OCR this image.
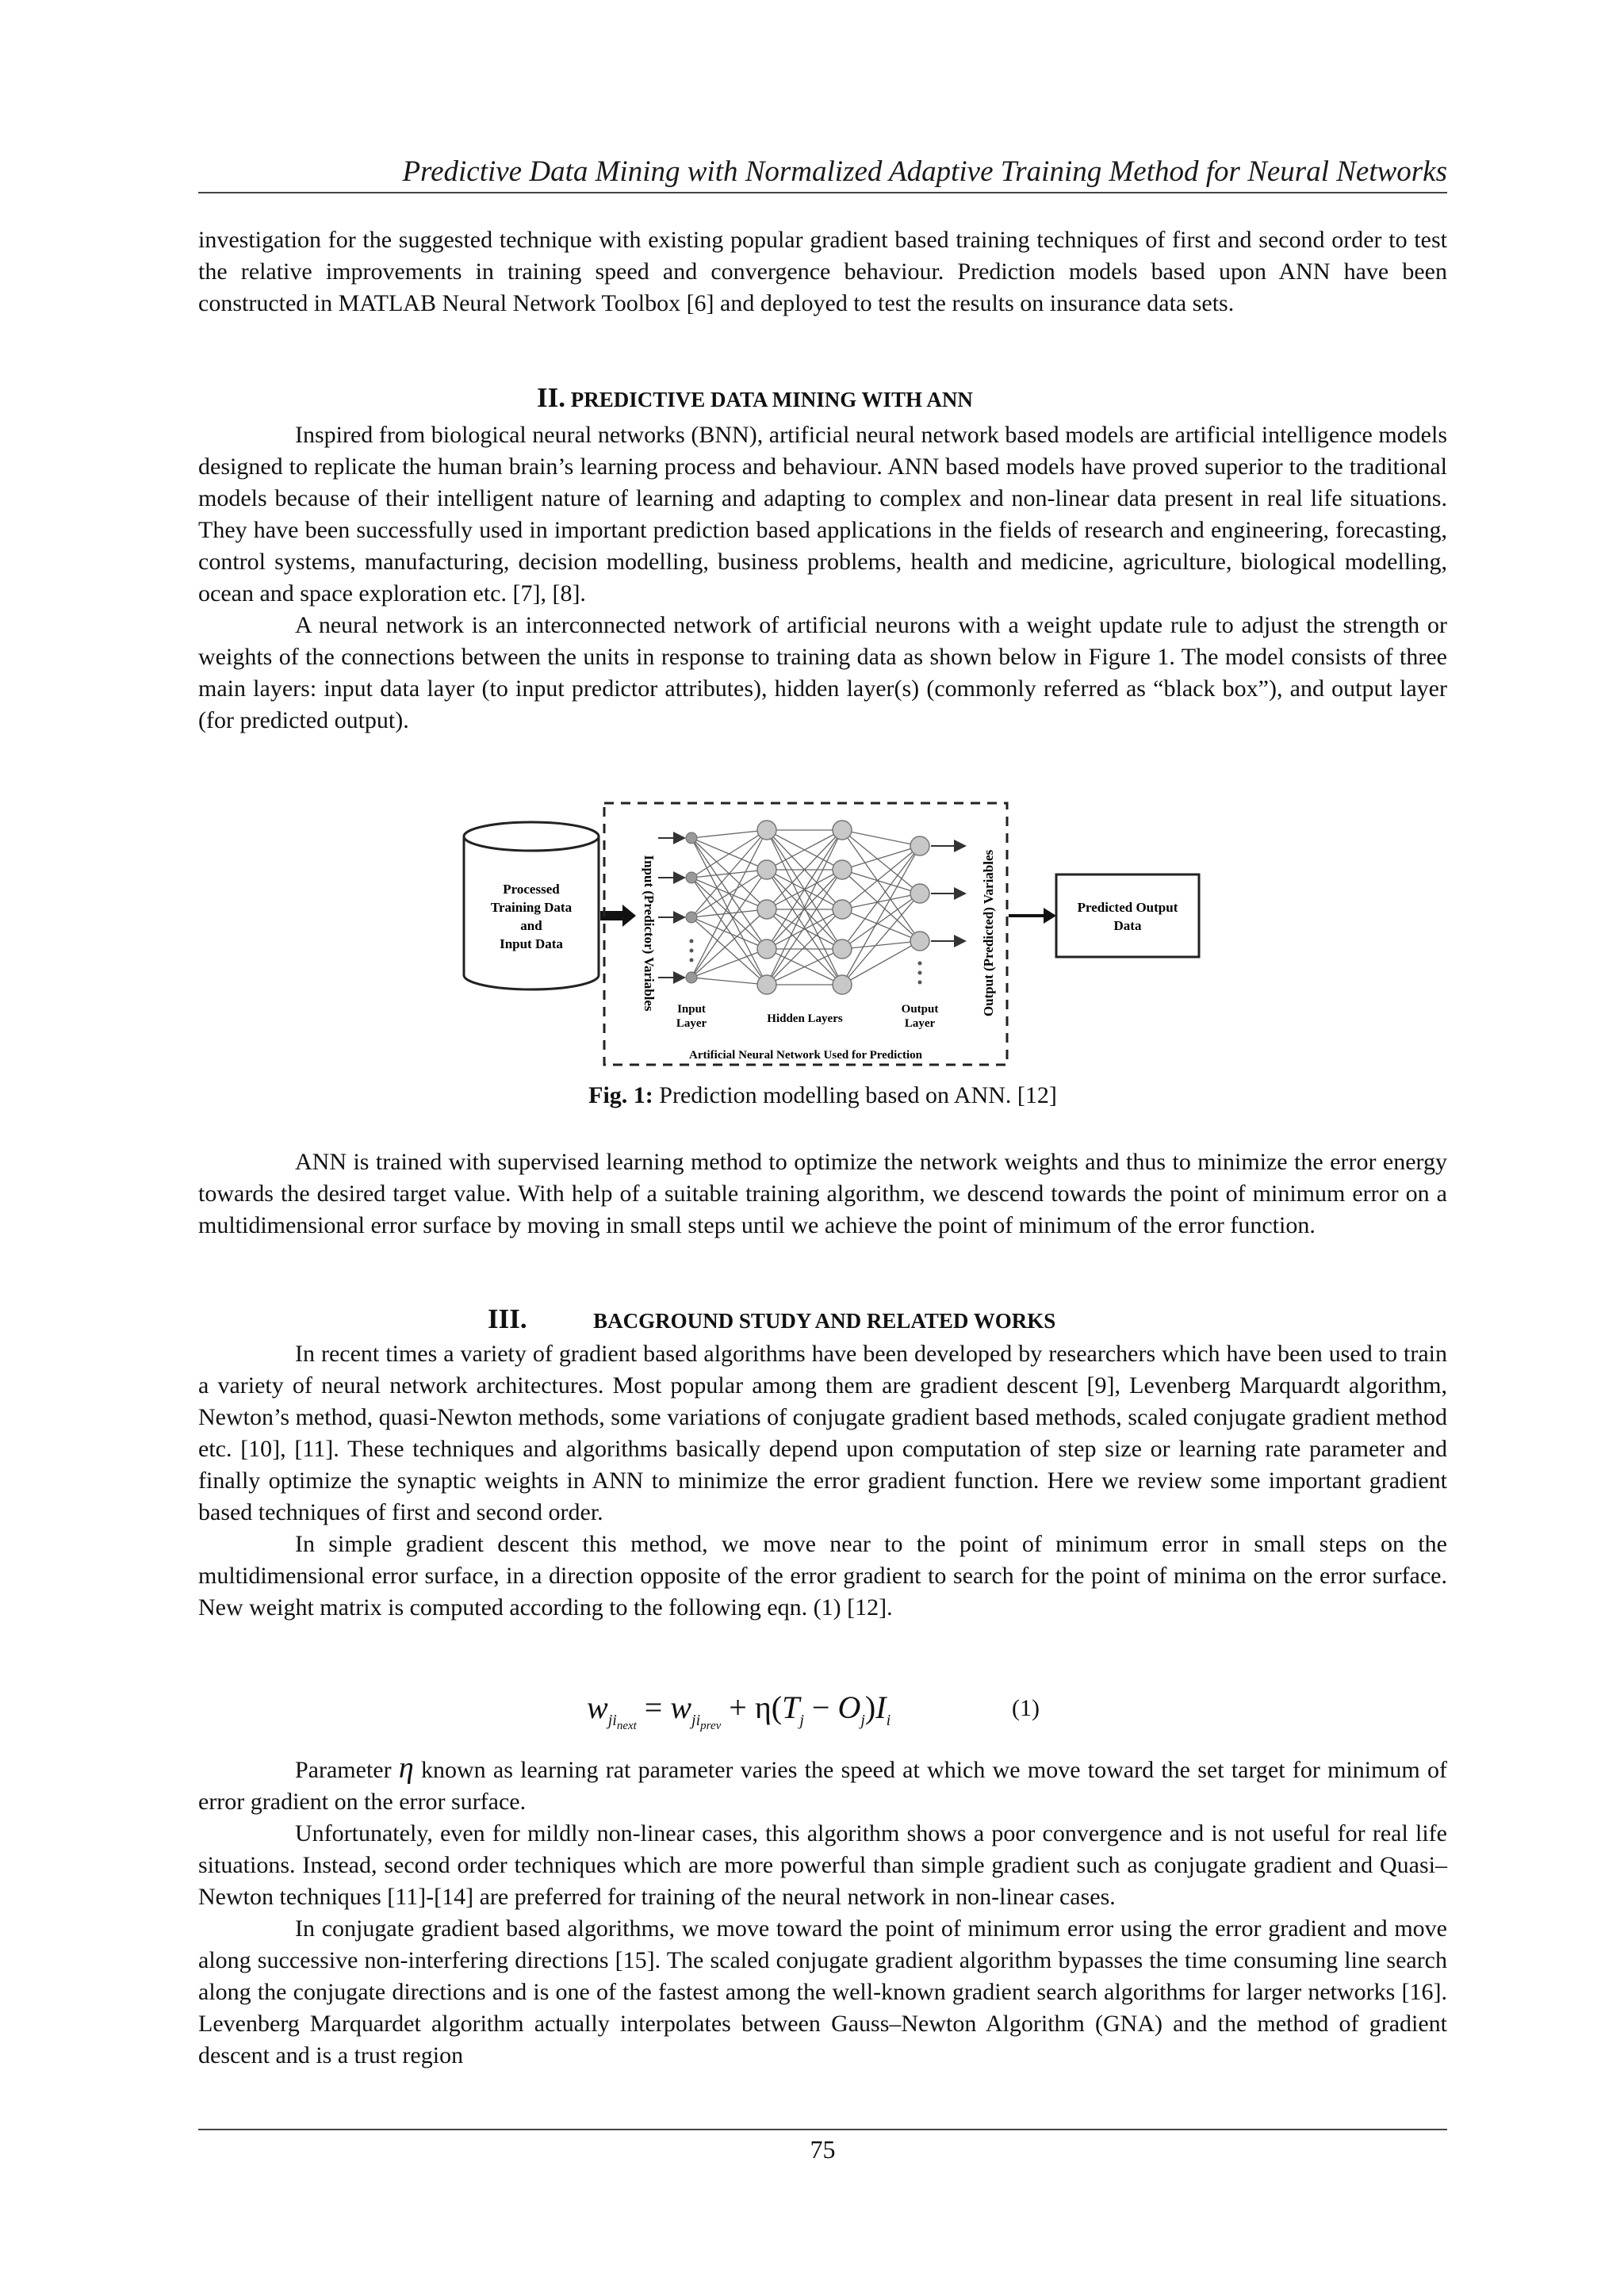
Predictive Data Mining with Normalized Adaptive Training Method for Neural Networks

investigation for the suggested technique with existing popular gradient based training techniques of first and second order to test the relative improvements in training speed and convergence behaviour. Prediction models based upon ANN have been constructed in MATLAB Neural Network Toolbox [6] and deployed to test the results on insurance data sets.

II. PREDICTIVE DATA MINING WITH ANN

Inspired from biological neural networks (BNN), artificial neural network based models are artificial intelligence models designed to replicate the human brain’s learning process and behaviour. ANN based models have proved superior to the traditional models because of their intelligent nature of learning and adapting to complex and non-linear data present in real life situations. They have been successfully used in important prediction based applications in the fields of research and engineering, forecasting, control systems, manufacturing, decision modelling, business problems, health and medicine, agriculture, biological modelling, ocean and space exploration etc. [7], [8].

A neural network is an interconnected network of artificial neurons with a weight update rule to adjust the strength or weights of the connections between the units in response to training data as shown below in Figure 1. The model consists of three main layers: input data layer (to input predictor attributes), hidden layer(s) (commonly referred as “black box”), and output layer (for predicted output).

Processed
Training Data
and
Input Data	Input (Predictor) Variables	Output (Predicted) Variables
Input
Layer	Hidden Layers
Output
Layer
Artificial Neural Network Used for Prediction
Predicted Output
Data
Fig. 1: Prediction modelling based on ANN. [12]

ANN is trained with supervised learning method to optimize the network weights and thus to minimize the error energy towards the desired target value. With help of a suitable training algorithm, we descend towards the point of minimum error on a multidimensional error surface by moving in small steps until we achieve the point of minimum of the error function.

III.	BACGROUND STUDY AND RELATED WORKS

In recent times a variety of gradient based algorithms have been developed by researchers which have been used to train a variety of neural network architectures. Most popular among them are gradient descent [9], Levenberg Marquardt algorithm, Newton’s method, quasi-Newton methods, some variations of conjugate gradient based methods, scaled conjugate gradient method etc. [10], [11]. These techniques and algorithms basically depend upon computation of step size or learning rate parameter and finally optimize the synaptic weights in ANN to minimize the error gradient function. Here we review some important gradient based techniques of first and second order.

In simple gradient descent this method, we move near to the point of minimum error in small steps on the multidimensional error surface, in a direction opposite of the error gradient to search for the point of minima on the error surface. New weight matrix is computed according to the following eqn. (1) [12].

$w_{ji_{next}} = w_{ji_{prev}} + \eta(T_j - O_j)I_i$	(1)

Parameter η known as learning rat parameter varies the speed at which we move toward the set target for minimum of error gradient on the error surface.

Unfortunately, even for mildly non-linear cases, this algorithm shows a poor convergence and is not useful for real life situations. Instead, second order techniques which are more powerful than simple gradient such as conjugate gradient and Quasi–Newton techniques [11]-[14] are preferred for training of the neural network in non-linear cases.

In conjugate gradient based algorithms, we move toward the point of minimum error using the error gradient and move along successive non-interfering directions [15]. The scaled conjugate gradient algorithm bypasses the time consuming line search along the conjugate directions and is one of the fastest among the well-known gradient search algorithms for larger networks [16]. Levenberg Marquardet algorithm actually interpolates between Gauss–Newton Algorithm (GNA) and the method of gradient descent and is a trust region

75
